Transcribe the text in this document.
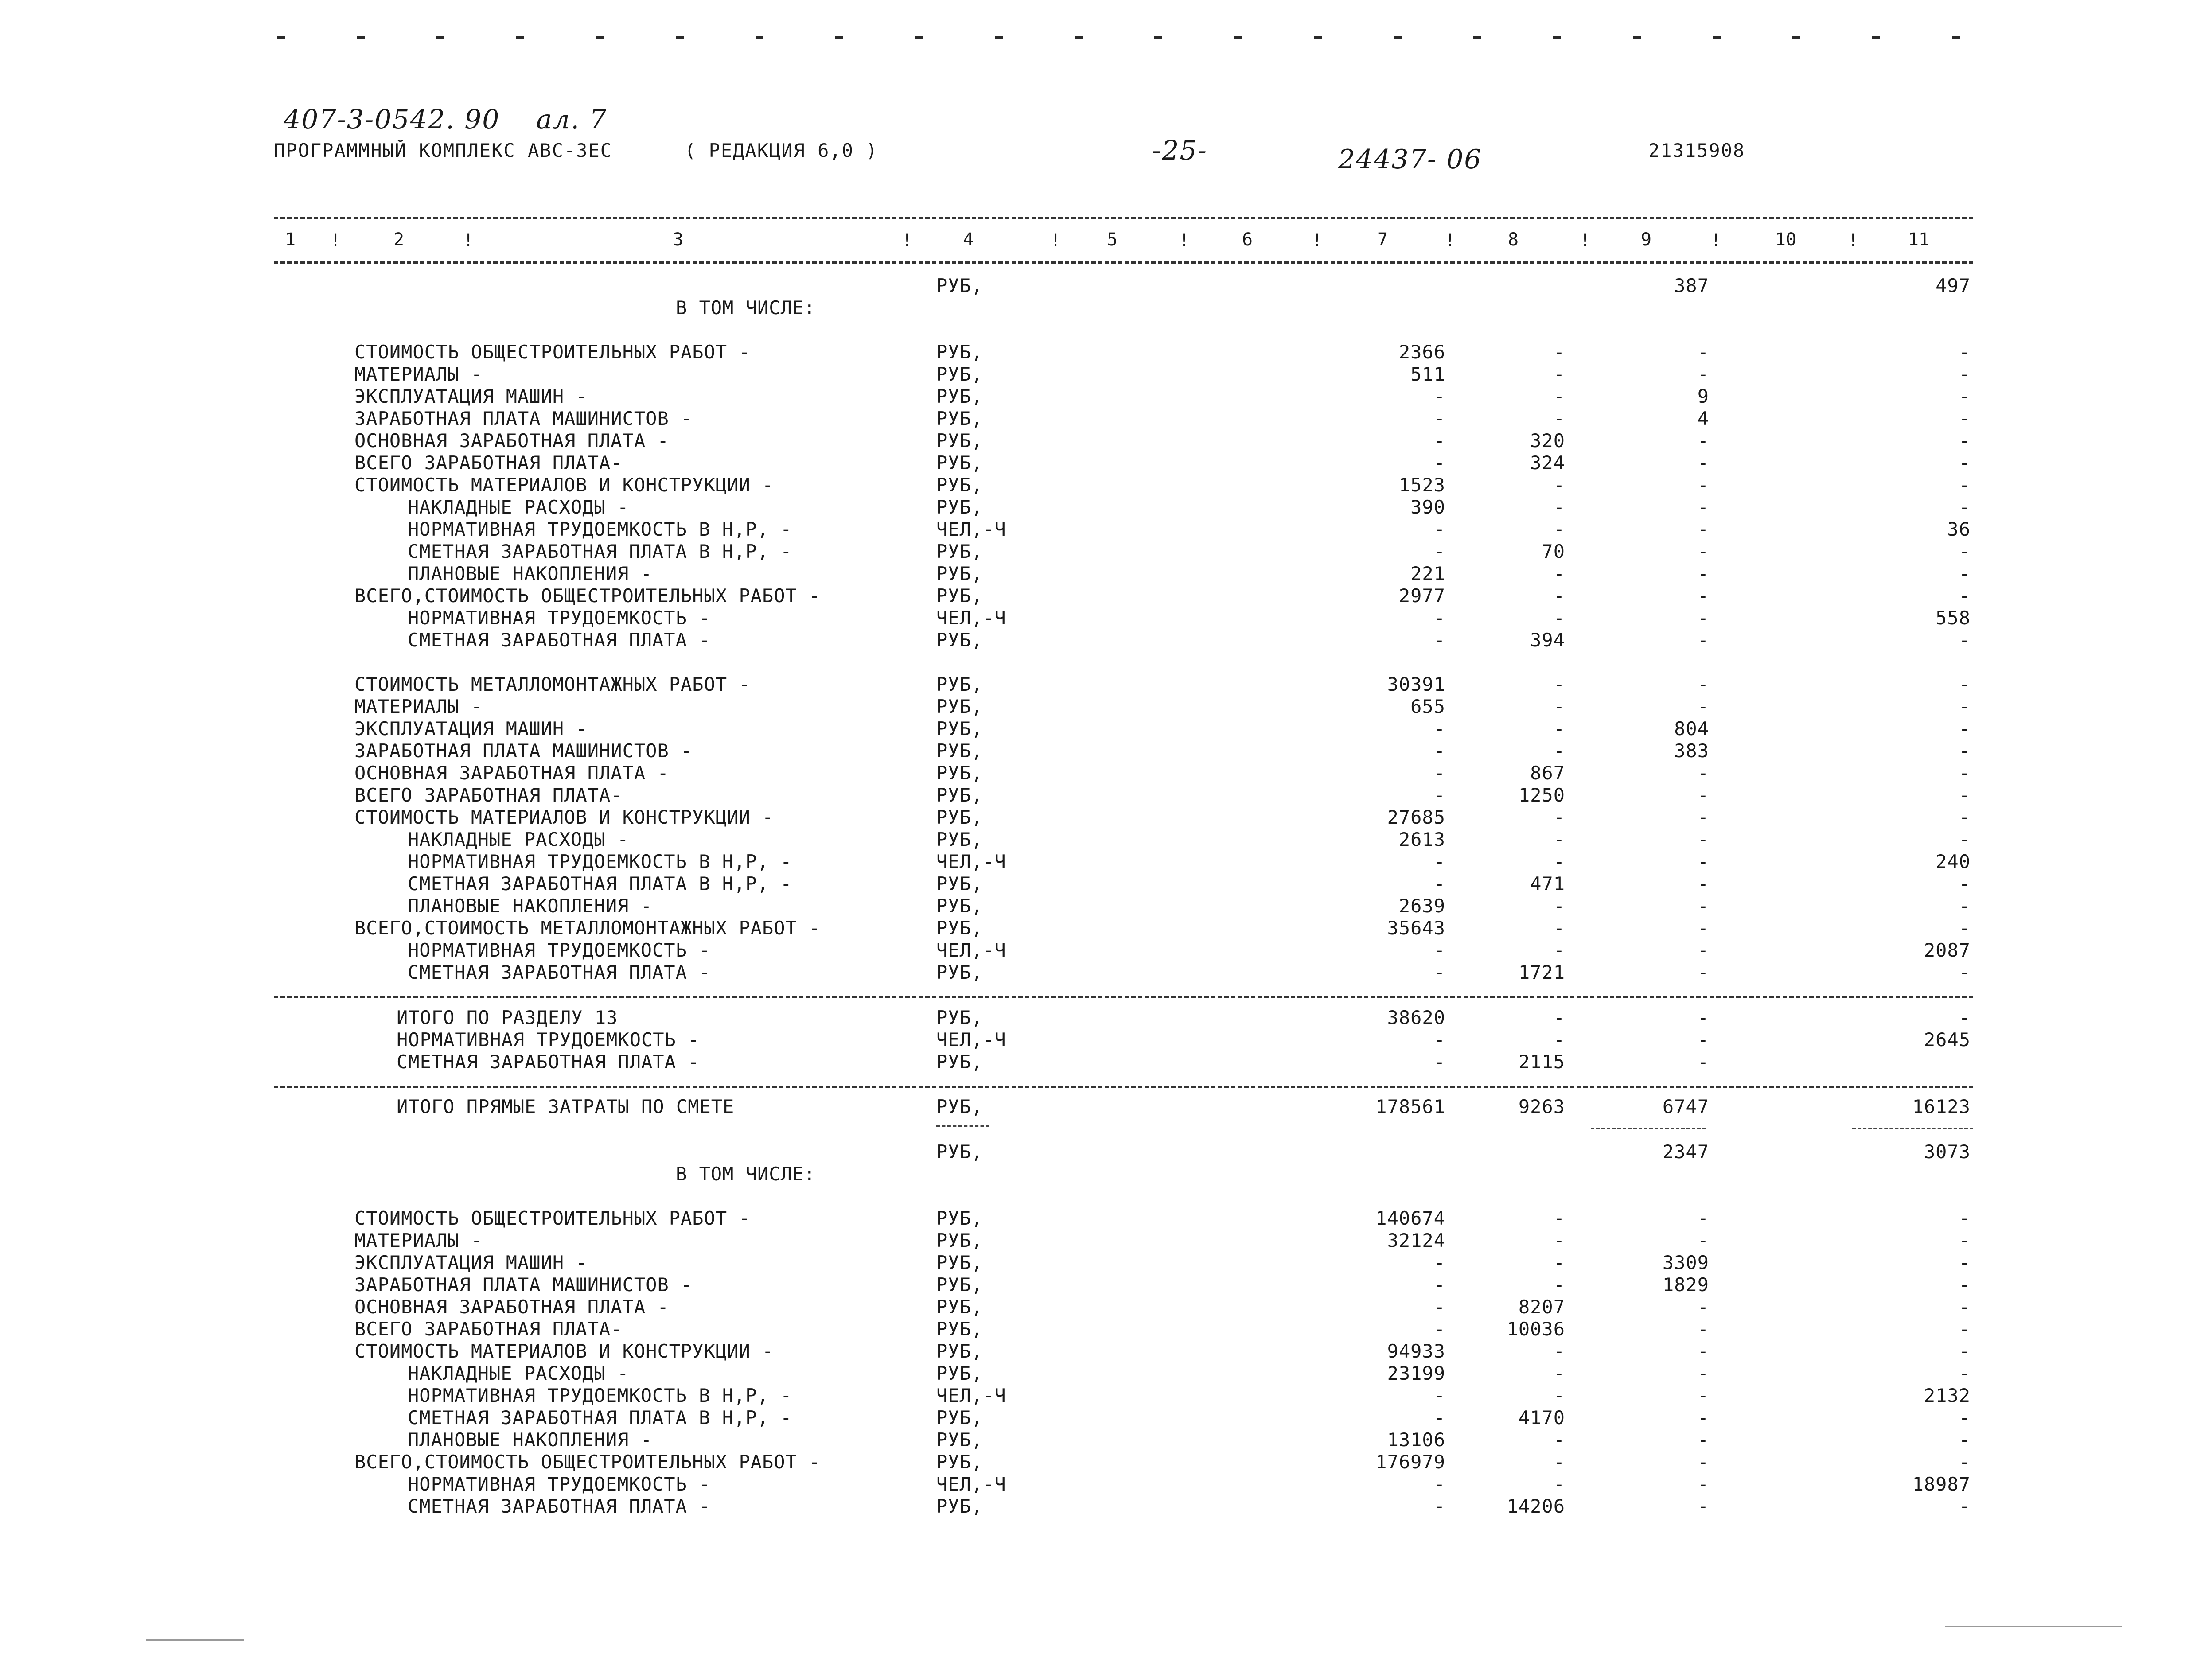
407-3-0542. 90 ал. 7
-25-	24437- 06
ПРОГРАММНЫЙ КОМПЛЕКС АВС-3ЕС	( РЕДАКЦИЯ 6,0 )	21315908
1	2	3	4	5	6	7	8	9	10	11
!	!	!	!	!	!	!	!	!	!
РУБ,	387	497
В ТОМ ЧИСЛЕ:
СТОИМОСТЬ ОБЩЕСТРОИТЕЛЬНЫХ РАБОТ -	РУБ,	2366	-	-	-
МАТЕРИАЛЫ -	РУБ,	511	-	-	-
ЭКСПЛУАТАЦИЯ МАШИН -	РУБ,	-	-	9	-
ЗАРАБОТНАЯ ПЛАТА МАШИНИСТОВ -	РУБ,	-	-	4	-
ОСНОВНАЯ ЗАРАБОТНАЯ ПЛАТА -	РУБ,	-	320	-	-
ВСЕГО ЗАРАБОТНАЯ ПЛАТА-	РУБ,	-	324	-	-
СТОИМОСТЬ МАТЕРИАЛОВ И КОНСТРУКЦИИ -	РУБ,	1523	-	-	-
НАКЛАДНЫЕ РАСХОДЫ -	РУБ,	390	-	-	-
НОРМАТИВНАЯ ТРУДОЕМКОСТЬ В Н,Р, -	ЧЕЛ,-Ч	-	-	-	36
СМЕТНАЯ ЗАРАБОТНАЯ ПЛАТА В Н,Р, -	РУБ,	-	70	-	-
ПЛАНОВЫЕ НАКОПЛЕНИЯ -	РУБ,	221	-	-	-
ВСЕГО,СТОИМОСТЬ ОБЩЕСТРОИТЕЛЬНЫХ РАБОТ -	РУБ,	2977	-	-	-
НОРМАТИВНАЯ ТРУДОЕМКОСТЬ -	ЧЕЛ,-Ч	-	-	-	558
СМЕТНАЯ ЗАРАБОТНАЯ ПЛАТА -	РУБ,	-	394	-	-
СТОИМОСТЬ МЕТАЛЛОМОНТАЖНЫХ РАБОТ -	РУБ,	30391	-	-	-
МАТЕРИАЛЫ -	РУБ,	655	-	-	-
ЭКСПЛУАТАЦИЯ МАШИН -	РУБ,	-	-	804	-
ЗАРАБОТНАЯ ПЛАТА МАШИНИСТОВ -	РУБ,	-	-	383	-
ОСНОВНАЯ ЗАРАБОТНАЯ ПЛАТА -	РУБ,	-	867	-	-
ВСЕГО ЗАРАБОТНАЯ ПЛАТА-	РУБ,	-	1250	-	-
СТОИМОСТЬ МАТЕРИАЛОВ И КОНСТРУКЦИИ -	РУБ,	27685	-	-	-
НАКЛАДНЫЕ РАСХОДЫ -	РУБ,	2613	-	-	-
НОРМАТИВНАЯ ТРУДОЕМКОСТЬ В Н,Р, -	ЧЕЛ,-Ч	-	-	-	240
СМЕТНАЯ ЗАРАБОТНАЯ ПЛАТА В Н,Р, -	РУБ,	-	471	-	-
ПЛАНОВЫЕ НАКОПЛЕНИЯ -	РУБ,	2639	-	-	-
ВСЕГО,СТОИМОСТЬ МЕТАЛЛОМОНТАЖНЫХ РАБОТ -	РУБ,	35643	-	-	-
НОРМАТИВНАЯ ТРУДОЕМКОСТЬ -	ЧЕЛ,-Ч	-	-	-	2087
СМЕТНАЯ ЗАРАБОТНАЯ ПЛАТА -	РУБ,	-	1721	-	-
ИТОГО ПО РАЗДЕЛУ 13	РУБ,	38620	-	-	-
НОРМАТИВНАЯ ТРУДОЕМКОСТЬ -	ЧЕЛ,-Ч	-	-	-	2645
СМЕТНАЯ ЗАРАБОТНАЯ ПЛАТА -	РУБ,	-	2115	-
ИТОГО ПРЯМЫЕ ЗАТРАТЫ ПО СМЕТЕ	РУБ,	178561	9263	6747	16123
РУБ,	2347	3073
В ТОМ ЧИСЛЕ:
СТОИМОСТЬ ОБЩЕСТРОИТЕЛЬНЫХ РАБОТ -	РУБ,	140674	-	-	-
МАТЕРИАЛЫ -	РУБ,	32124	-	-	-
ЭКСПЛУАТАЦИЯ МАШИН -	РУБ,	-	-	3309	-
ЗАРАБОТНАЯ ПЛАТА МАШИНИСТОВ -	РУБ,	-	-	1829	-
ОСНОВНАЯ ЗАРАБОТНАЯ ПЛАТА -	РУБ,	-	8207	-	-
ВСЕГО ЗАРАБОТНАЯ ПЛАТА-	РУБ,	-	10036	-	-
СТОИМОСТЬ МАТЕРИАЛОВ И КОНСТРУКЦИИ -	РУБ,	94933	-	-	-
НАКЛАДНЫЕ РАСХОДЫ -	РУБ,	23199	-	-	-
НОРМАТИВНАЯ ТРУДОЕМКОСТЬ В Н,Р, -	ЧЕЛ,-Ч	-	-	-	2132
СМЕТНАЯ ЗАРАБОТНАЯ ПЛАТА В Н,Р, -	РУБ,	-	4170	-	-
ПЛАНОВЫЕ НАКОПЛЕНИЯ -	РУБ,	13106	-	-	-
ВСЕГО,СТОИМОСТЬ ОБЩЕСТРОИТЕЛЬНЫХ РАБОТ -	РУБ,	176979	-	-	-
НОРМАТИВНАЯ ТРУДОЕМКОСТЬ -	ЧЕЛ,-Ч	-	-	-	18987
СМЕТНАЯ ЗАРАБОТНАЯ ПЛАТА -	РУБ,	-	14206	-	-
